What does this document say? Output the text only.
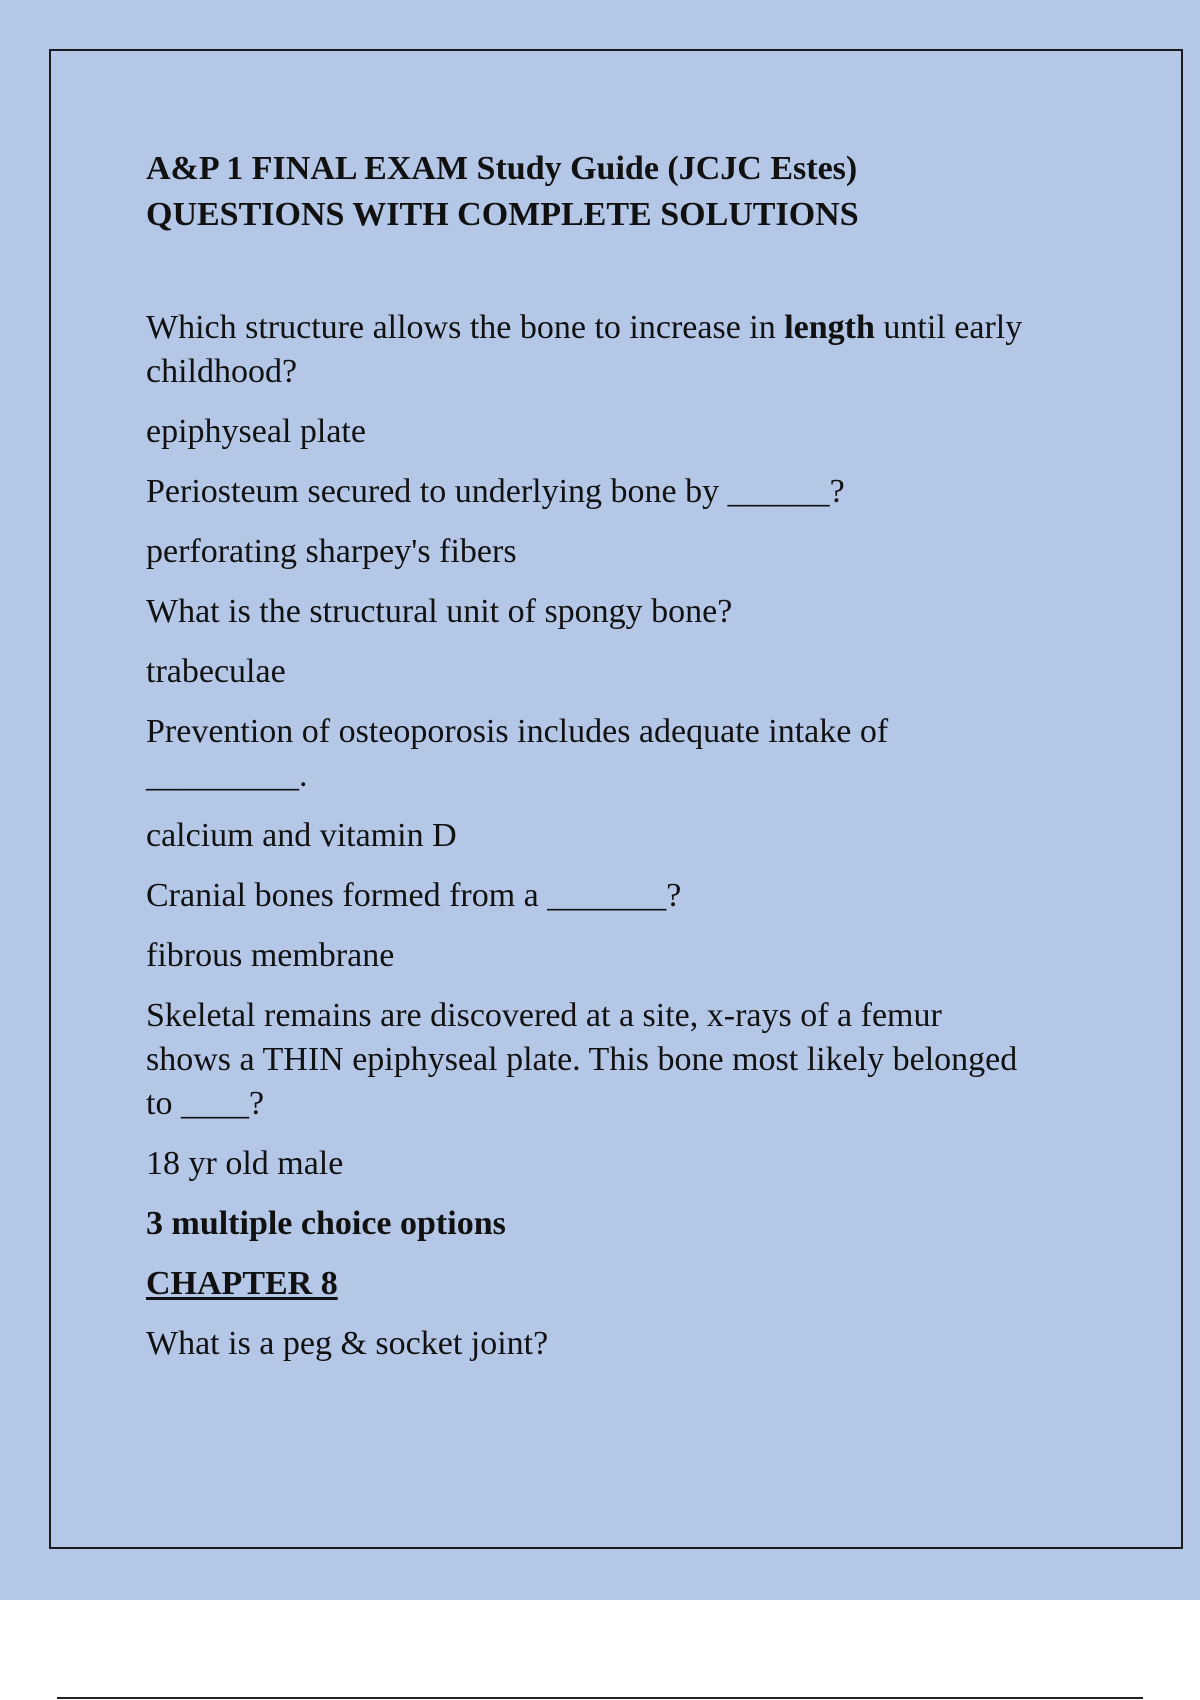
A&P 1 FINAL EXAM Study Guide (JCJC Estes)
QUESTIONS WITH COMPLETE SOLUTIONS

Which structure allows the bone to increase in length until early childhood?

epiphyseal plate

Periosteum secured to underlying bone by ______?

perforating sharpey's fibers

What is the structural unit of spongy bone?

trabeculae

Prevention of osteoporosis includes adequate intake of
_________.

calcium and vitamin D

Cranial bones formed from a _______?

fibrous membrane

Skeletal remains are discovered at a site, x-rays of a femur
shows a THIN epiphyseal plate. This bone most likely belonged
to ____?

18 yr old male

3 multiple choice options

CHAPTER 8

What is a peg & socket joint?
